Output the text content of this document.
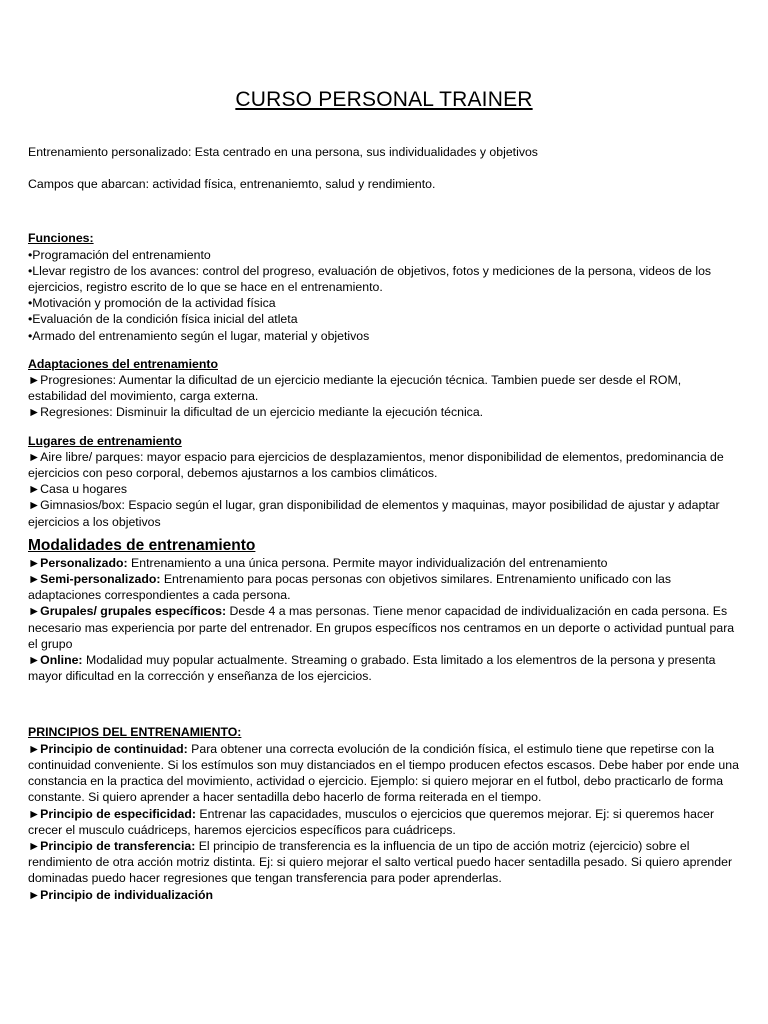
CURSO PERSONAL TRAINER

Entrenamiento personalizado: Esta centrado en una persona, sus individualidades y objetivos

Campos que abarcan: actividad física, entrenaniemto, salud y rendimiento.

Funciones:

•Programación del entrenamiento

•Llevar registro de los avances: control del progreso, evaluación de objetivos, fotos y mediciones de la persona, videos de los ejercicios, registro escrito de lo que se hace en el entrenamiento.

•Motivación y promoción de la actividad física

•Evaluación de la condición física inicial del atleta

•Armado del entrenamiento según el lugar, material y objetivos

Adaptaciones del entrenamiento

►Progresiones: Aumentar la dificultad de un ejercicio mediante la ejecución técnica. Tambien puede ser desde el ROM, estabilidad del movimiento, carga externa.

►Regresiones: Disminuir la dificultad de un ejercicio mediante la ejecución técnica.

Lugares de entrenamiento

►Aire libre/ parques: mayor espacio para ejercicios de desplazamientos, menor disponibilidad de elementos, predominancia de ejercicios con peso corporal, debemos ajustarnos a los cambios climáticos.

►Casa u hogares

►Gimnasios/box: Espacio según el lugar, gran disponibilidad de elementos y maquinas, mayor posibilidad de ajustar y adaptar ejercicios a los objetivos

Modalidades de entrenamiento

►Personalizado: Entrenamiento a una única persona. Permite mayor individualización del entrenamiento

►Semi-personalizado: Entrenamiento para pocas personas con objetivos similares. Entrenamiento unificado con las adaptaciones correspondientes a cada persona.

►Grupales/ grupales específicos: Desde 4 a mas personas. Tiene menor capacidad de individualización en cada persona. Es necesario mas experiencia por parte del entrenador. En grupos específicos nos centramos en un deporte o actividad puntual para el grupo

►Online: Modalidad muy popular actualmente. Streaming o grabado. Esta limitado a los elementros de la persona y presenta mayor dificultad en la corrección y enseñanza de los ejercicios.

PRINCIPIOS DEL ENTRENAMIENTO:

►Principio de continuidad: Para obtener una correcta evolución de la condición física, el estimulo tiene que repetirse con la continuidad conveniente. Si los estímulos son muy distanciados en el tiempo producen efectos escasos. Debe haber por ende una constancia en la practica del movimiento, actividad o ejercicio. Ejemplo: si quiero mejorar en el futbol, debo practicarlo de forma constante. Si quiero aprender a hacer sentadilla debo hacerlo de forma reiterada en el tiempo.

►Principio de especificidad: Entrenar las capacidades, musculos o ejercicios que queremos mejorar. Ej: si queremos hacer crecer el musculo cuádriceps, haremos ejercicios específicos para cuádriceps.

►Principio de transferencia: El principio de transferencia es la influencia de un tipo de acción motriz (ejercicio) sobre el rendimiento de otra acción motriz distinta. Ej: si quiero mejorar el salto vertical puedo hacer sentadilla pesado. Si quiero aprender dominadas puedo hacer regresiones que tengan transferencia para poder aprenderlas.

►Principio de individualización
